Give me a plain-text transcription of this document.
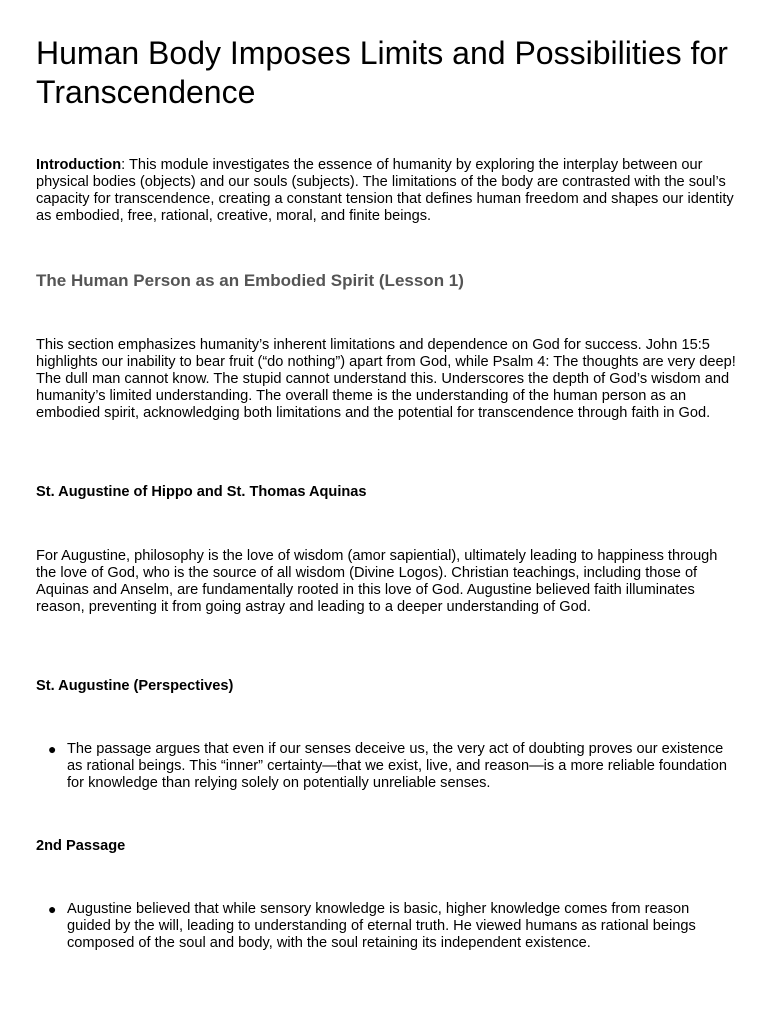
Human Body Imposes Limits and Possibilities for Transcendence

Introduction: This module investigates the essence of humanity by exploring the interplay between our physical bodies (objects) and our souls (subjects). The limitations of the body are contrasted with the soul’s capacity for transcendence, creating a constant tension that defines human freedom and shapes our identity as embodied, free, rational, creative, moral, and finite beings.

The Human Person as an Embodied Spirit (Lesson 1)

This section emphasizes humanity’s inherent limitations and dependence on God for success. John 15:5 highlights our inability to bear fruit (“do nothing”) apart from God, while Psalm 4: The thoughts are very deep! The dull man cannot know. The stupid cannot understand this. Underscores the depth of God’s wisdom and humanity’s limited understanding. The overall theme is the understanding of the human person as an embodied spirit, acknowledging both limitations and the potential for transcendence through faith in God.

St. Augustine of Hippo and St. Thomas Aquinas

For Augustine, philosophy is the love of wisdom (amor sapiential), ultimately leading to happiness through the love of God, who is the source of all wisdom (Divine Logos). Christian teachings, including those of Aquinas and Anselm, are fundamentally rooted in this love of God. Augustine believed faith illuminates reason, preventing it from going astray and leading to a deeper understanding of God.

St. Augustine (Perspectives)
● The passage argues that even if our senses deceive us, the very act of doubting proves our existence as rational beings. This “inner” certainty—that we exist, live, and reason—is a more reliable foundation for knowledge than relying solely on potentially unreliable senses.
2nd Passage
● Augustine believed that while sensory knowledge is basic, higher knowledge comes from reason guided by the will, leading to understanding of eternal truth. He viewed humans as rational beings composed of the soul and body, with the soul retaining its independent existence.
